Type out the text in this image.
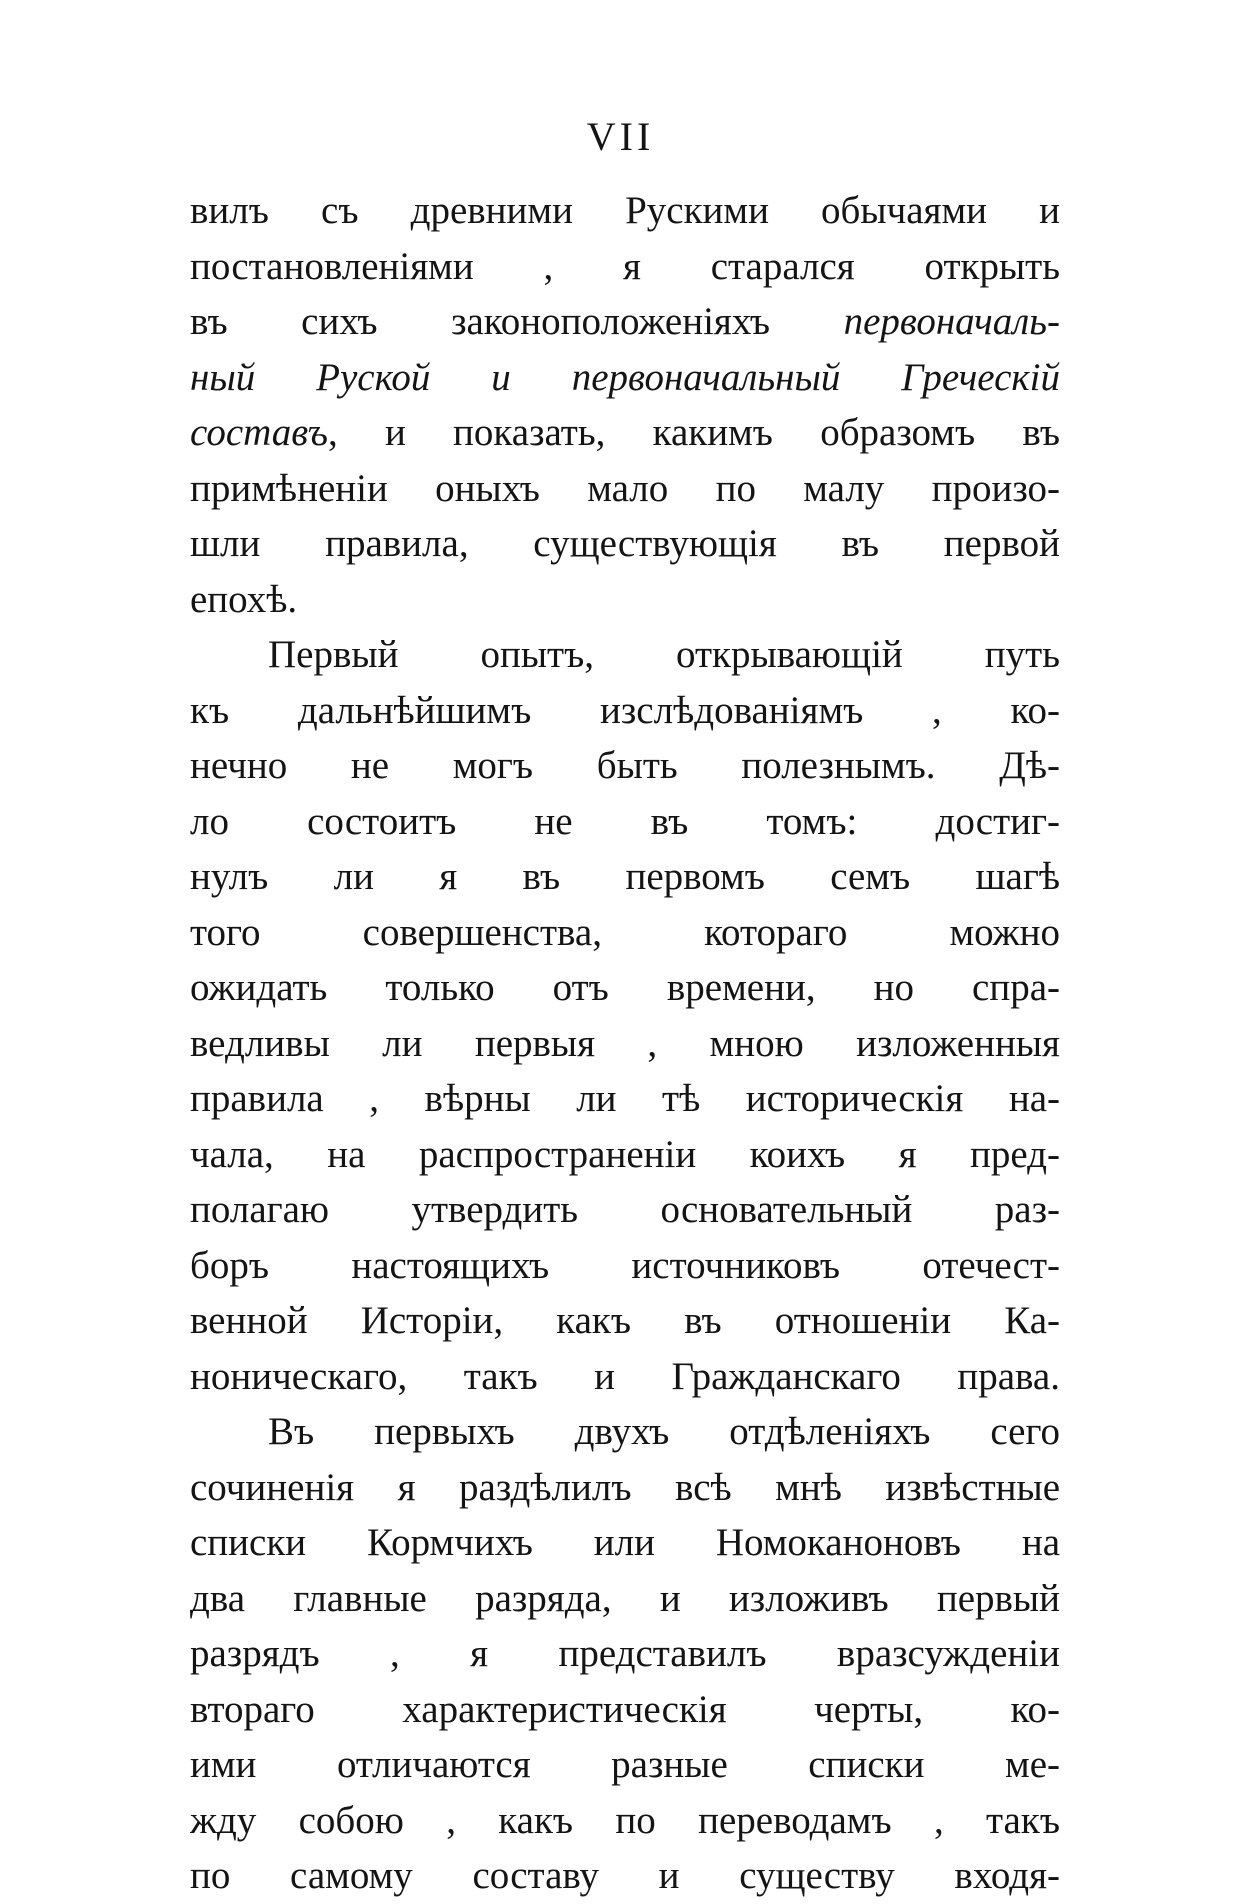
VII
вилъ съ древними Рускими обычаями и
постановленіями , я старался открыть
въ сихъ законоположеніяхъ первоначаль-
ный Руской и первоначальный Греческій
составъ, и показать, какимъ образомъ въ
примѣненіи оныхъ мало по малу произо-
шли правила, существующія въ первой
епохѣ.
Первый опытъ, открывающій путь
къ дальнѣйшимъ изслѣдованіямъ , ко-
нечно не могъ быть полезнымъ. Дѣ-
ло состоитъ не въ томъ: достиг-
нулъ ли я въ первомъ семъ шагѣ
того совершенства, котораго можно
ожидать только отъ времени, но спра-
ведливы ли первыя , мною изложенныя
правила , вѣрны ли тѣ историческія на-
чала, на распространеніи коихъ я пред-
полагаю утвердить основательный раз-
боръ настоящихъ источниковъ отечест-
венной Исторіи, какъ въ отношеніи Ка-
ноническаго, такъ и Гражданскаго права.
Въ первыхъ двухъ отдѣленіяхъ сего
сочиненія я раздѣлилъ всѣ мнѣ извѣстные
списки Кормчихъ или Номоканоновъ на
два главные разряда, и изложивъ первый
разрядъ , я представилъ вразсужденіи
втораго характеристическія черты, ко-
ими отличаются разные списки ме-
жду собою , какъ по переводамъ , такъ
по самому составу и существу входя-
